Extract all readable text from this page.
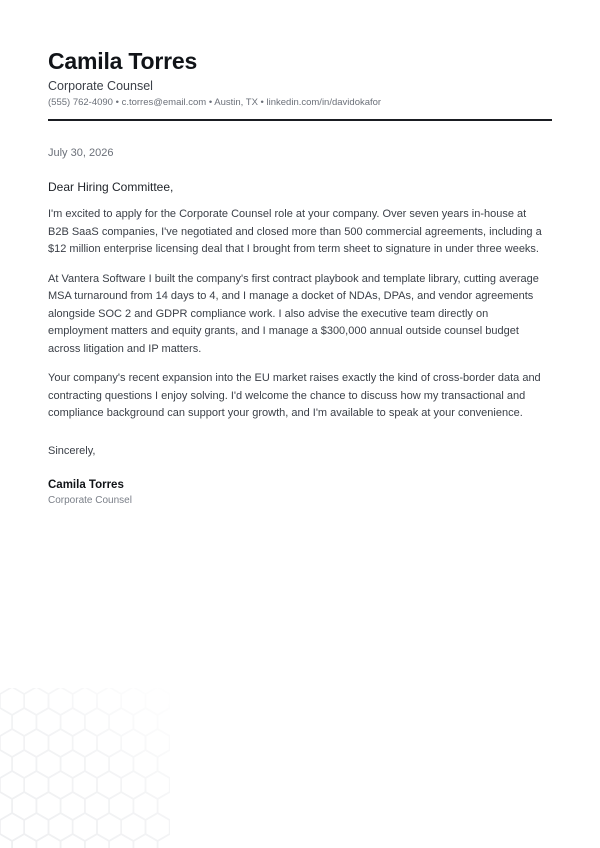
Camila Torres
Corporate Counsel
(555) 762-4090 • c.torres@email.com • Austin, TX • linkedin.com/in/davidokafor
July 30, 2026
Dear Hiring Committee,

I'm excited to apply for the Corporate Counsel role at your company. Over seven years in-house at
B2B SaaS companies, I've negotiated and closed more than 500 commercial agreements, including a
$12 million enterprise licensing deal that I brought from term sheet to signature in under three weeks.

At Vantera Software I built the company's first contract playbook and template library, cutting average
MSA turnaround from 14 days to 4, and I manage a docket of NDAs, DPAs, and vendor agreements
alongside SOC 2 and GDPR compliance work. I also advise the executive team directly on
employment matters and equity grants, and I manage a $300,000 annual outside counsel budget
across litigation and IP matters.

Your company's recent expansion into the EU market raises exactly the kind of cross-border data and
contracting questions I enjoy solving. I'd welcome the chance to discuss how my transactional and
compliance background can support your growth, and I'm available to speak at your convenience.

Sincerely,
Camila Torres
Corporate Counsel
